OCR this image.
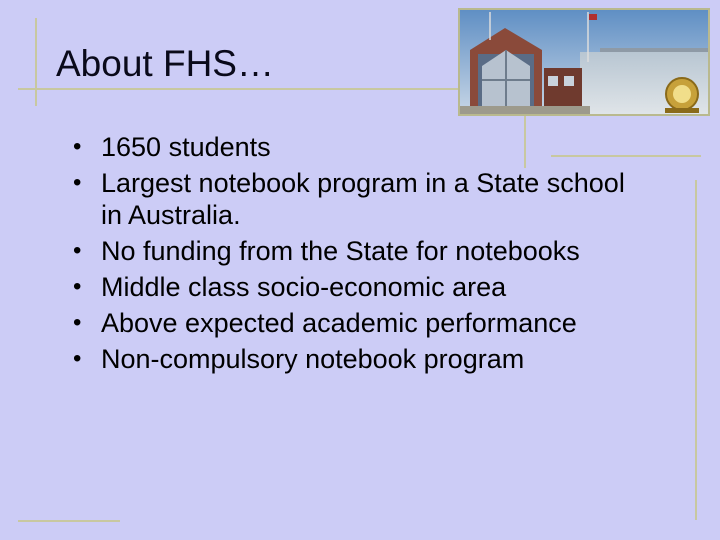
About FHS…
• 1650 students
• Largest notebook program in a State school in Australia.
• No funding from the State for notebooks
• Middle class socio-economic area
• Above expected academic performance
• Non-compulsory notebook program
